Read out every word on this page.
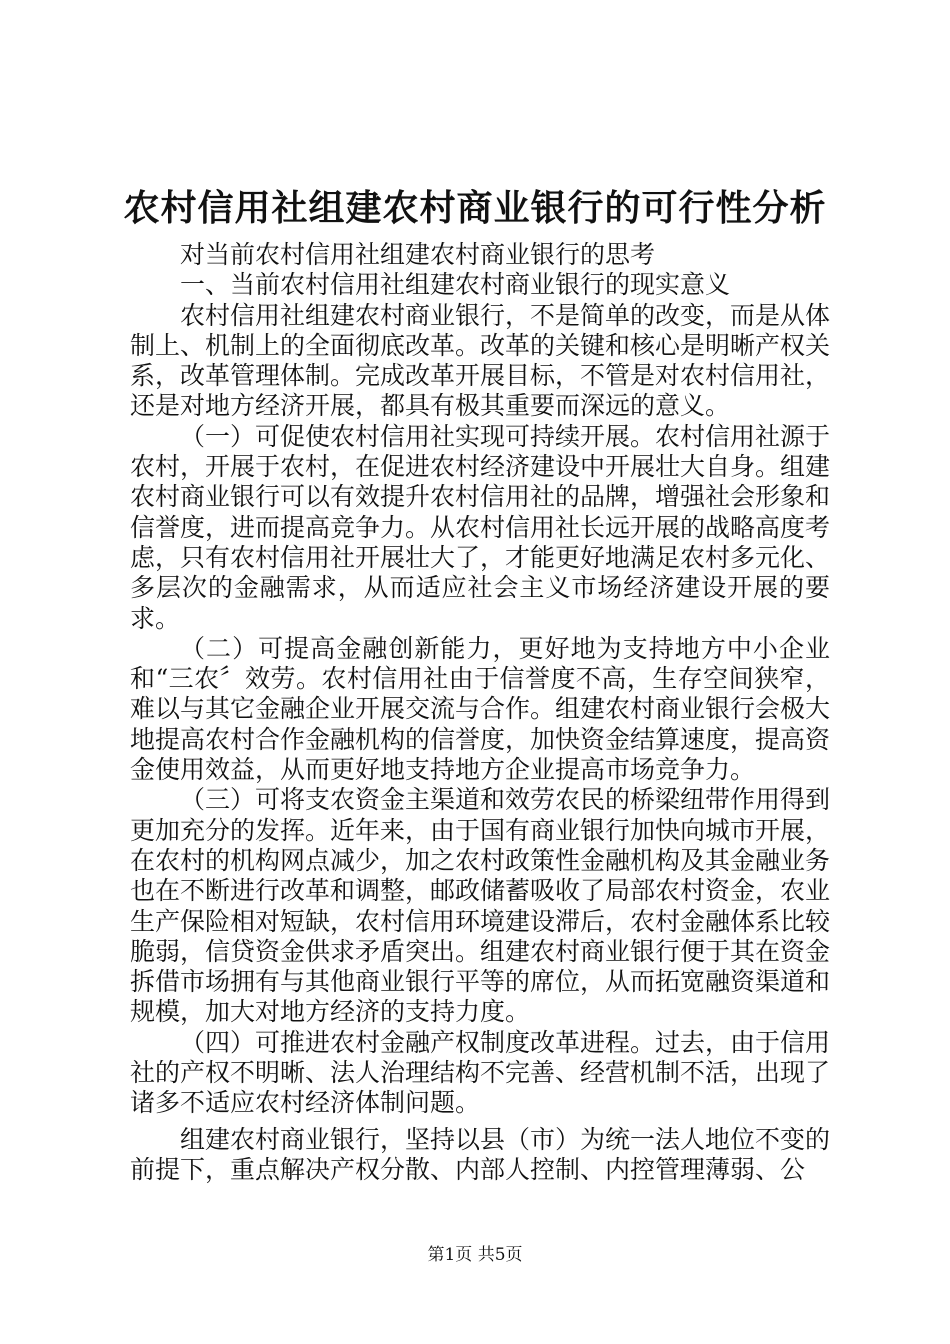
农村信用社组建农村商业银行的可行性分析

对当前农村信用社组建农村商业银行的思考

一、当前农村信用社组建农村商业银行的现实意义

农村信用社组建农村商业银行，不是简单的改变，而是从体制上、机制上的全面彻底改革。改革的关键和核心是明晰产权关系，改革管理体制。完成改革开展目标，不管是对农村信用社，还是对地方经济开展，都具有极其重要而深远的意义。

（一）可促使农村信用社实现可持续开展。农村信用社源于农村，开展于农村，在促进农村经济建设中开展壮大自身。组建农村商业银行可以有效提升农村信用社的品牌，增强社会形象和信誉度，进而提高竞争力。从农村信用社长远开展的战略高度考虑，只有农村信用社开展壮大了，才能更好地满足农村多元化、多层次的金融需求，从而适应社会主义市场经济建设开展的要求。

（二）可提高金融创新能力，更好地为支持地方中小企业和“三农〞效劳。农村信用社由于信誉度不高，生存空间狭窄，难以与其它金融企业开展交流与合作。组建农村商业银行会极大地提高农村合作金融机构的信誉度，加快资金结算速度，提高资金使用效益，从而更好地支持地方企业提高市场竞争力。

（三）可将支农资金主渠道和效劳农民的桥梁纽带作用得到更加充分的发挥。近年来，由于国有商业银行加快向城市开展，在农村的机构网点减少，加之农村政策性金融机构及其金融业务也在不断进行改革和调整，邮政储蓄吸收了局部农村资金，农业生产保险相对短缺，农村信用环境建设滞后，农村金融体系比较脆弱，信贷资金供求矛盾突出。组建农村商业银行便于其在资金拆借市场拥有与其他商业银行平等的席位，从而拓宽融资渠道和规模，加大对地方经济的支持力度。

（四）可推进农村金融产权制度改革进程。过去，由于信用社的产权不明晰、法人治理结构不完善、经营机制不活，出现了诸多不适应农村经济体制问题。

组建农村商业银行，坚持以县（市）为统一法人地位不变的前提下，重点解决产权分散、内部人控制、内控管理薄弱、公

第1页 共5页
